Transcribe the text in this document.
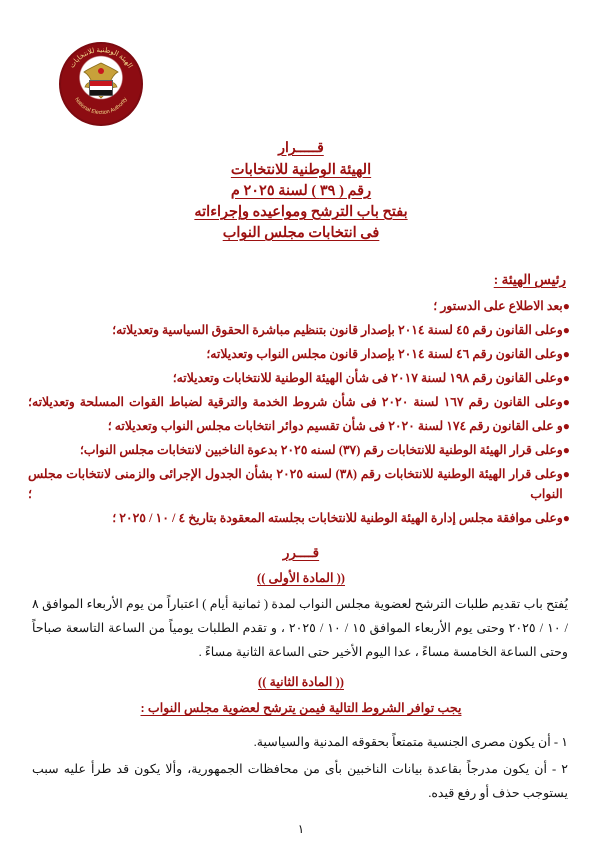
الهيئة الوطنية للانتخابات
National Election Authority
قـــــرار
الهيئة الوطنية للانتخابات
رقم ( ٣٩ ) لسنة ٢٠٢٥ م
بفتح باب الترشح ومواعيده وإجراءاته
فى انتخابات مجلس النواب
رئيس الهيئة :
●
بعد الاطلاع على الدستور ؛
●
وعلى القانون رقم ٤٥ لسنة ٢٠١٤ بإصدار قانون بتنظيم مباشرة الحقوق السياسية وتعديلاته؛
●
وعلى القانون رقم ٤٦ لسنة ٢٠١٤ بإصدار قانون مجلس النواب وتعديلاته؛
●
وعلى القانون رقم ١٩٨ لسنة ٢٠١٧ فى شأن الهيئة الوطنية للانتخابات وتعديلاته؛
●
وعلى القانون رقم ١٦٧ لسنة ٢٠٢٠ فى شأن شروط الخدمة والترقية لضباط القوات المسلحة وتعديلاته؛
●
و على القانون رقم ١٧٤ لسنة ٢٠٢٠ فى شأن تقسيم دوائر انتخابات مجلس النواب وتعديلاته ؛
●
وعلى قرار الهيئة الوطنية للانتخابات رقم (٣٧) لسنه ٢٠٢٥ بدعوة الناخبين لانتخابات مجلس النواب؛
●
وعلى قرار الهيئة الوطنية للانتخابات رقم (٣٨) لسنه ٢٠٢٥ بشأن الجدول الإجرائى والزمنى لانتخابات مجلس النواب ؛
●
وعلى موافقة مجلس إدارة الهيئة الوطنية للانتخابات بجلسته المعقودة بتاريخ ٤ / ١٠ / ٢٠٢٥ ؛
قــــرر
(( المادة الأولى ))
يُفتح باب تقديم طلبات الترشح لعضوية مجلس النواب لمدة ( ثمانية أيام ) اعتباراً من يوم الأربعاء الموافق ٨ / ١٠ / ٢٠٢٥ وحتى يوم الأربعاء الموافق ١٥ / ١٠ / ٢٠٢٥ ، و تقدم الطلبات يومياً من الساعة التاسعة صباحاً وحتى الساعة الخامسة مساءً ، عدا اليوم الأخير حتى الساعة الثانية مساءً .
(( المادة الثانية ))
يجب توافر الشروط التالية فيمن يترشح لعضوية مجلس النواب :
١ - أن يكون مصرى الجنسية متمتعاً بحقوقه المدنية والسياسية.
٢ - أن يكون مدرجاً بقاعدة بيانات الناخبين بأى من محافظات الجمهورية، وألا يكون قد طرأ عليه سبب يستوجب حذف أو رفع قيده.
١
